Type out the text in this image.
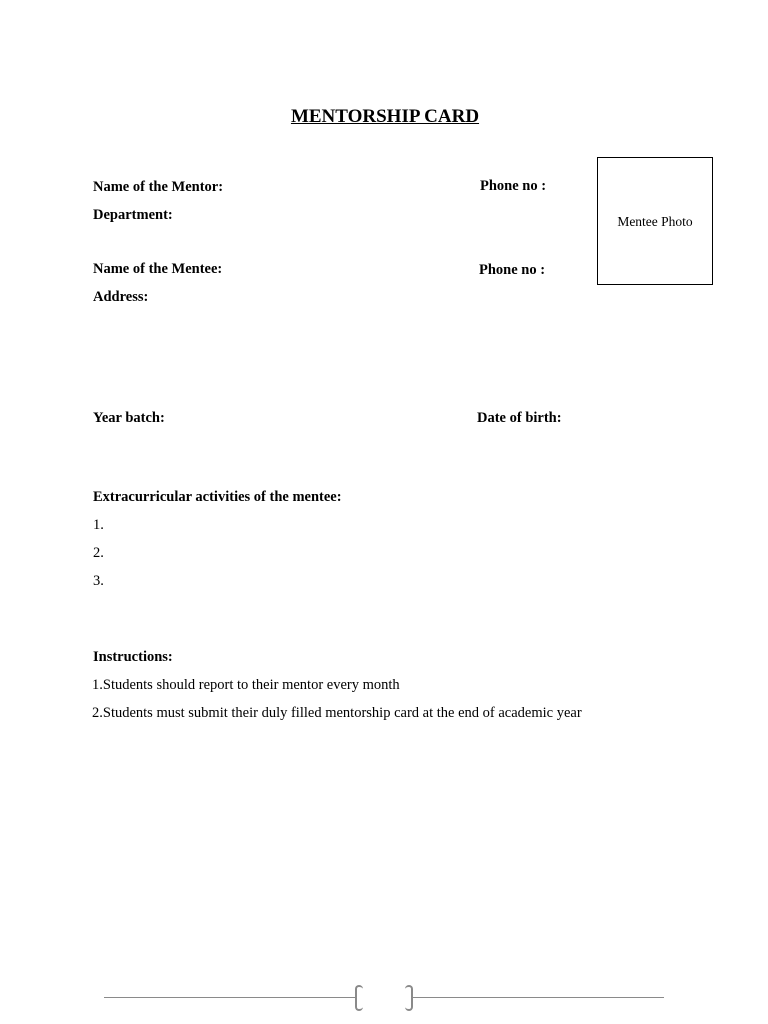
MENTORSHIP CARD
Name of the Mentor:	Phone no :
Department:	Mentee Photo
Name of the Mentee:	Phone no :
Address:
Year batch:	Date of birth:
Extracurricular activities of the mentee:
1.
2.
3.
Instructions:
1.Students should report to their mentor every month
2.Students must submit their duly filled mentorship card at the end of academic year
